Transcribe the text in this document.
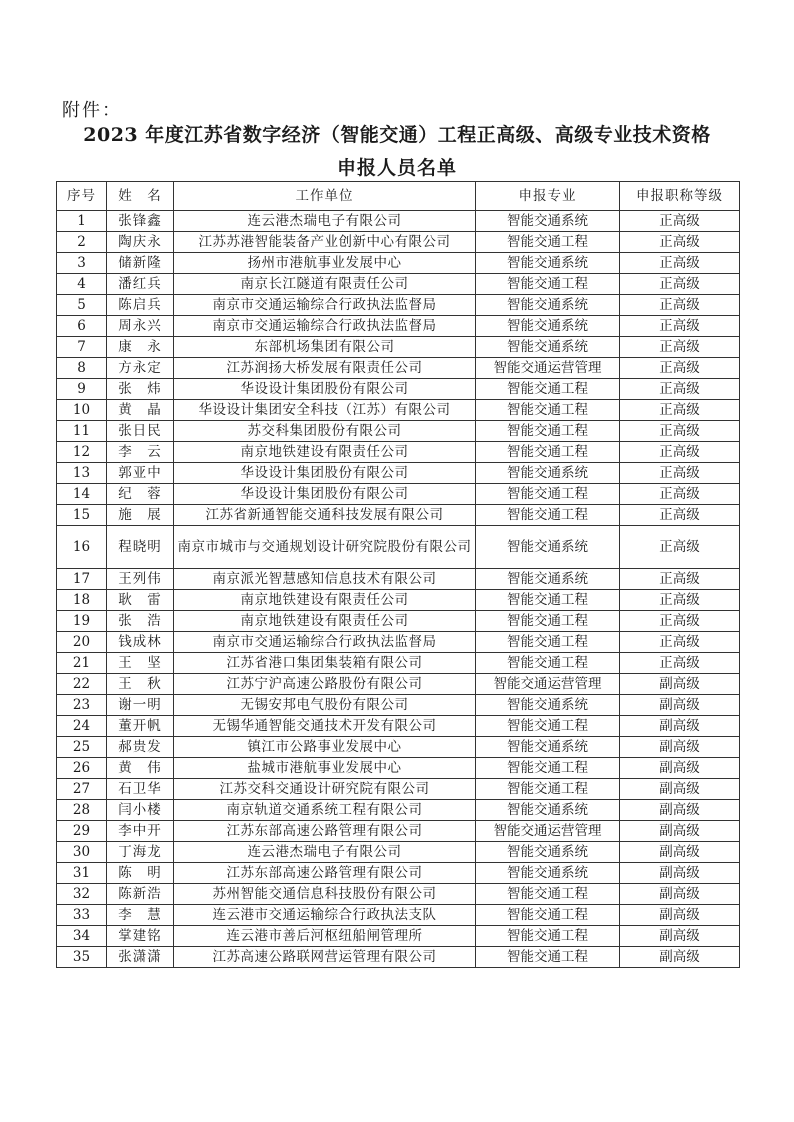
附件：
2023 年度江苏省数字经济（智能交通）工程正高级、高级专业技术资格
申报人员名单
序号	姓　名	工作单位	申报专业	申报职称等级
1	张锋鑫	连云港杰瑞电子有限公司	智能交通系统	正高级
2	陶庆永	江苏苏港智能装备产业创新中心有限公司	智能交通工程	正高级
3	储新隆	扬州市港航事业发展中心	智能交通系统	正高级
4	潘红兵	南京长江隧道有限责任公司	智能交通工程	正高级
5	陈启兵	南京市交通运输综合行政执法监督局	智能交通系统	正高级
6	周永兴	南京市交通运输综合行政执法监督局	智能交通系统	正高级
7	康　永	东部机场集团有限公司	智能交通系统	正高级
8	方永定	江苏润扬大桥发展有限责任公司	智能交通运营管理	正高级
9	张　炜	华设设计集团股份有限公司	智能交通工程	正高级
10	黄　晶	华设设计集团安全科技（江苏）有限公司	智能交通工程	正高级
11	张日民	苏交科集团股份有限公司	智能交通工程	正高级
12	李　云	南京地铁建设有限责任公司	智能交通工程	正高级
13	郭亚中	华设设计集团股份有限公司	智能交通系统	正高级
14	纪　蓉	华设设计集团股份有限公司	智能交通工程	正高级
15	施　展	江苏省新通智能交通科技发展有限公司	智能交通工程	正高级
16	程晓明	南京市城市与交通规划设计研究院股份有限公司	智能交通系统	正高级
17	王列伟	南京派光智慧感知信息技术有限公司	智能交通系统	正高级
18	耿　雷	南京地铁建设有限责任公司	智能交通工程	正高级
19	张　浩	南京地铁建设有限责任公司	智能交通工程	正高级
20	钱成林	南京市交通运输综合行政执法监督局	智能交通工程	正高级
21	王　坚	江苏省港口集团集装箱有限公司	智能交通工程	正高级
22	王　秋	江苏宁沪高速公路股份有限公司	智能交通运营管理	副高级
23	谢一明	无锡安邦电气股份有限公司	智能交通系统	副高级
24	董开帆	无锡华通智能交通技术开发有限公司	智能交通工程	副高级
25	郝贵发	镇江市公路事业发展中心	智能交通系统	副高级
26	黄　伟	盐城市港航事业发展中心	智能交通工程	副高级
27	石卫华	江苏交科交通设计研究院有限公司	智能交通工程	副高级
28	闫小楼	南京轨道交通系统工程有限公司	智能交通系统	副高级
29	李中开	江苏东部高速公路管理有限公司	智能交通运营管理	副高级
30	丁海龙	连云港杰瑞电子有限公司	智能交通系统	副高级
31	陈　明	江苏东部高速公路管理有限公司	智能交通系统	副高级
32	陈新浩	苏州智能交通信息科技股份有限公司	智能交通工程	副高级
33	李　慧	连云港市交通运输综合行政执法支队	智能交通工程	副高级
34	掌建铭	连云港市善后河枢纽船闸管理所	智能交通工程	副高级
35	张潇潇	江苏高速公路联网营运管理有限公司	智能交通工程	副高级
